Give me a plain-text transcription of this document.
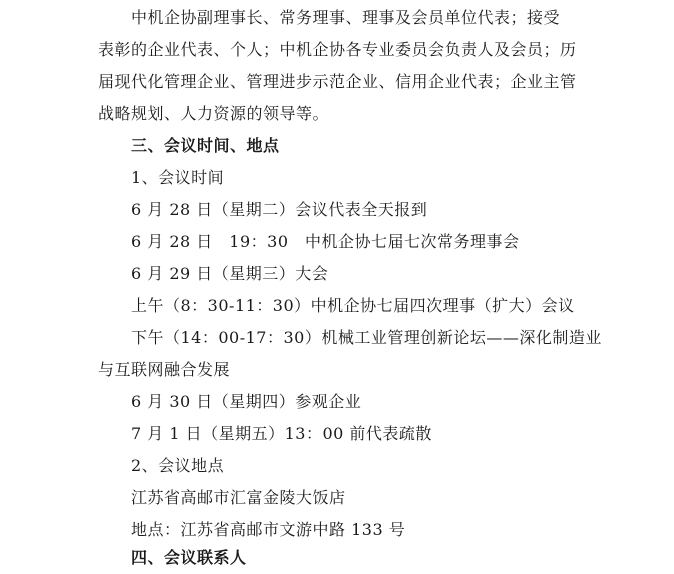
中机企协副理事长、常务理事、理事及会员单位代表；接受
表彰的企业代表、个人；中机企协各专业委员会负责人及会员；历
届现代化管理企业、管理进步示范企业、信用企业代表；企业主管
战略规划、人力资源的领导等。
三、会议时间、地点
1、会议时间
6 月 28 日（星期二）会议代表全天报到
6 月 28 日　19：30　中机企协七届七次常务理事会
6 月 29 日（星期三）大会
上午（8：30-11：30）中机企协七届四次理事（扩大）会议
下午（14：00-17：30）机械工业管理创新论坛——深化制造业
与互联网融合发展
6 月 30 日（星期四）参观企业
7 月 1 日（星期五）13：00 前代表疏散
2、会议地点
江苏省高邮市汇富金陵大饭店
地点：江苏省高邮市文游中路 133 号
四、会议联系人
